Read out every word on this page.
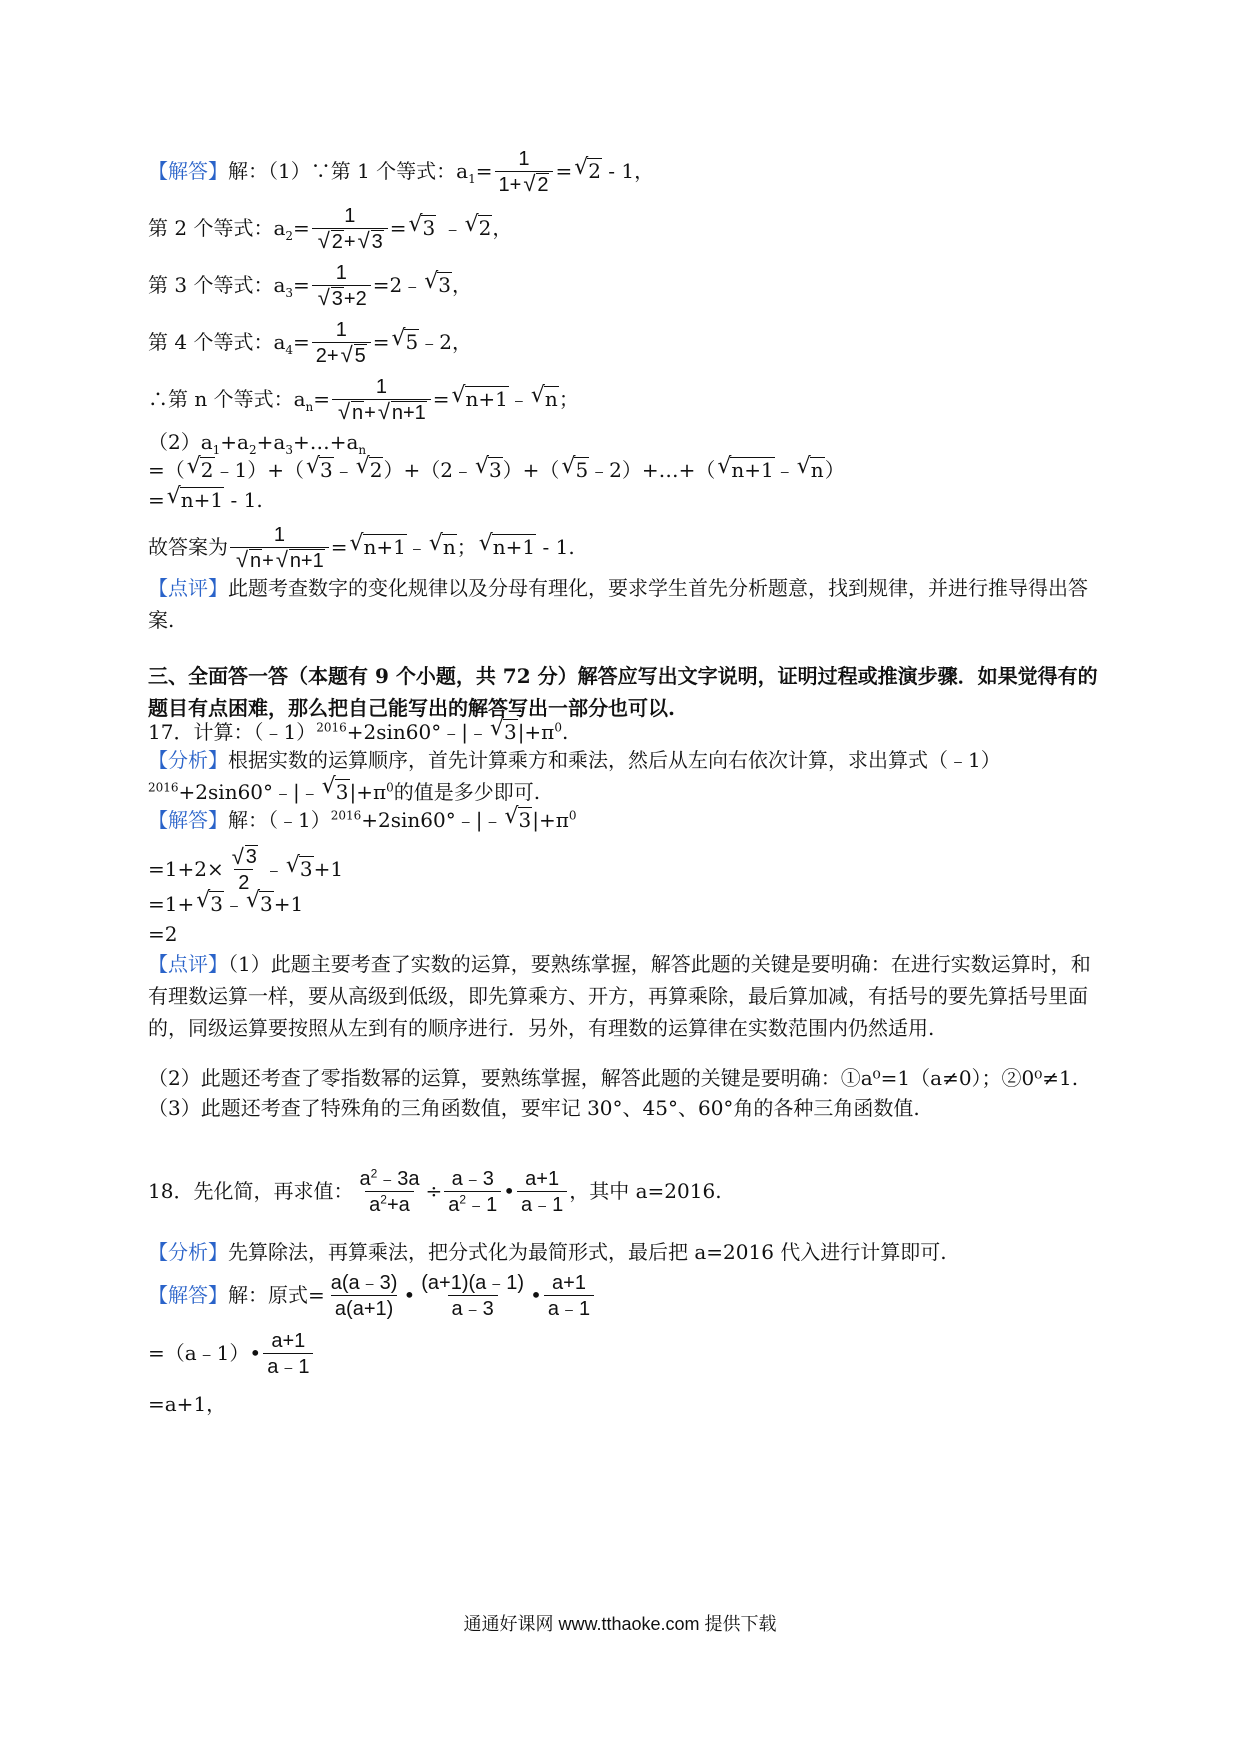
【解答】解：（1）∵第 1 个等式：$a_1= \frac{1}{1+ √ 2}$ = √ 2 - 1，
第 2 个等式：$a_2= 1$
√ 2+ √ 3 = √ 3 ﹣ √ 2，
第 3 个等式：$a_3= 1$
√ 3+2 =2﹣ √ 3，
第 4 个等式：$a_4= \frac{1}{2+ √ 5}$ = √ 5﹣2，
∴第 n 个等式：$a_n= 1$
√ n+ √ n+1 = √ n+1﹣ √ n；
$(2)a_1+a_2+a_3+\dots+a_n$
=（ √ 2﹣1）+（ √ 3﹣ √ 2）+（2﹣ √ 3）+（ √ 5﹣2）+…+（ √ n+1﹣ √ n）
= √ n+1 - 1.
故答案为 1
√ n+ √ n+1 = √ n+1﹣ √ n； √ n+1 - 1.
【点评】此题考查数字的变化规律以及分母有理化，要求学生首先分析题意，找到规律，并进行推导得出答案.
三、全面答一答（本题有 9 个小题，共 72 分）解答应写出文字说明，证明过程或推演步骤．如果觉得有的题目有点困难，那么把自己能写出的解答写出一部分也可以.
17．计算：（﹣1）$^{2016}$+2sin60°﹣|﹣ √ $3|+\pi^0$.
【分析】根据实数的运算顺序，首先计算乘方和乘法，然后从左向右依次计算，求出算式（﹣1）$^{2016}$+2sin60°﹣|﹣ √ $3|+\pi^0$的值是多少即可.
【解答】解：（﹣1）$^{2016}$+2sin60°﹣|﹣ √ $3|+\pi^0$
=1+2× √ $\frac{3}{2}$ ﹣ √ 3+1
=1+ √ 3﹣ √ 3+1
=2
【点评】（1）此题主要考查了实数的运算，要熟练掌握，解答此题的关键是要明确：在进行实数运算时，和有理数运算一样，要从高级到低级，即先算乘方、开方，再算乘除，最后算加减，有括号的要先算括号里面的，同级运算要按照从左到有的顺序进行．另外，有理数的运算律在实数范围内仍然适用.
（2）此题还考查了零指数幂的运算，要熟练掌握，解答此题的关键是要明确：①a⁰=1（a≠0）；②0⁰≠1.
（3）此题还考查了特殊角的三角函数值，要牢记 30°、45°、60°角的各种三角函数值.
18．先化简，再求值： $\frac{a^2﹣3a}{a^2+a} \div \frac{a﹣3}{a^2﹣1}$ • $\frac{a+1}{a﹣1}$ ，其中 a=2016.
【分析】先算除法，再算乘法，把分式化为最简形式，最后把 a=2016 代入进行计算即可.
【解答】解：原式= $\frac{a(a﹣3)}{a(a+1)}$ • $\frac{(a+1)(a﹣1)}{a﹣3}$ • $\frac{a+1}{a﹣1}$
=（a﹣1）• $\frac{a+1}{a﹣1}$
=a+1，
通通好课网 www.tthaoke.com 提供下载
